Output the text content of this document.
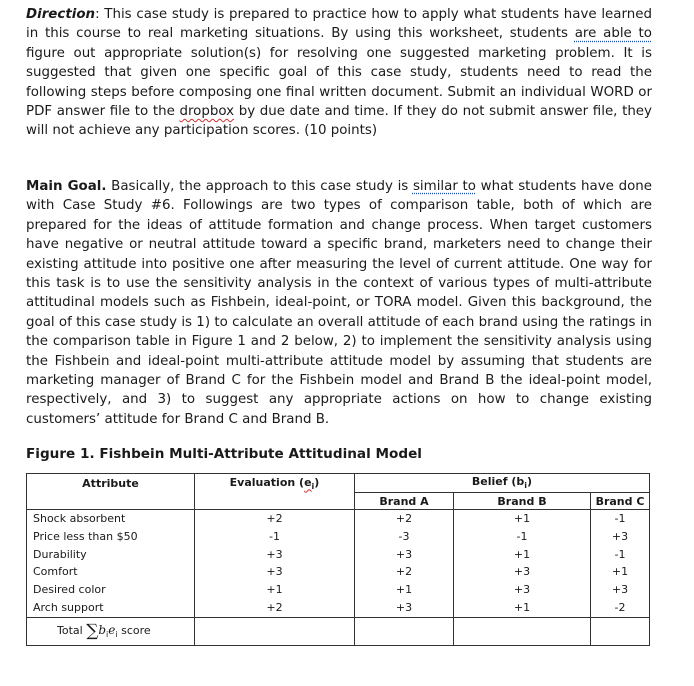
Direction: This case study is prepared to practice how to apply what students have learned in this course to real marketing situations. By using this worksheet, students are able to figure out appropriate solution(s) for resolving one suggested marketing problem. It is suggested that given one specific goal of this case study, students need to read the following steps before composing one final written document. Submit an individual WORD or PDF answer file to the dropbox by due date and time. If they do not submit answer file, they will not achieve any participation scores. (10 points)

Main Goal. Basically, the approach to this case study is similar to what students have done with Case Study #6. Followings are two types of comparison table, both of which are prepared for the ideas of attitude formation and change process. When target customers have negative or neutral attitude toward a specific brand, marketers need to change their existing attitude into positive one after measuring the level of current attitude. One way for this task is to use the sensitivity analysis in the context of various types of multi-attribute attitudinal models such as Fishbein, ideal-point, or TORA model. Given this background, the goal of this case study is 1) to calculate an overall attitude of each brand using the ratings in the comparison table in Figure 1 and 2 below, 2) to implement the sensitivity analysis using the Fishbein and ideal-point multi-attribute attitude model by assuming that students are marketing manager of Brand C for the Fishbein model and Brand B the ideal-point model, respectively, and 3) to suggest any appropriate actions on how to change existing customers’ attitude for Brand C and Brand B.

Figure 1. Fishbein Multi-Attribute Attitudinal Model

Attribute	Evaluation $(e_i)$	Belief $(b_i)$		
		Brand A	Brand B	Brand C
Shock absorbent	+2	+2	+1	-1
Price less than $50	-1	-3	-1	+3
Durability	+3	+3	+1	-1
Comfort	+3	+2	+3	+1
Desired color	+1	+1	+3	+3
Arch support	+2	+3	+1	-2
Total $\sum b_ie_i$ score				
